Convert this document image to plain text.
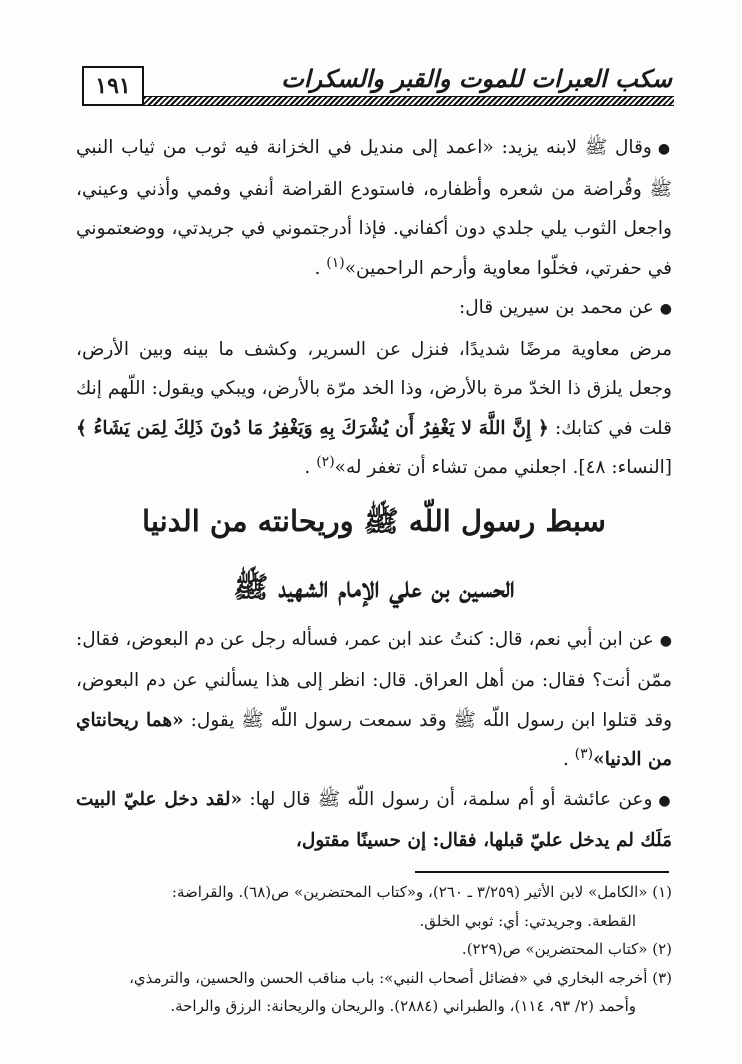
١٩١	سكب العبرات للموت والقبر والسكرات

●وقال ﷺ لابنه يزيد: «اعمد إلى منديل في الخزانة فيه ثوب من ثياب النبي ﷺ وقُراضة من شعره وأظفاره، فاستودع القراضة أنفي وفمي وأذني وعيني، واجعل الثوب يلي جلدي دون أكفاني. فإذا أدرجتموني في جريدتي، ووضعتموني في حفرتي، فخلّوا معاوية وأرحم الراحمين»$^{(١)}$ .

●عن محمد بن سيرين قال:

مرض معاوية مرضًا شديدًا، فنزل عن السرير، وكشف ما بينه وبين الأرض، وجعل يلزق ذا الخدّ مرة بالأرض، وذا الخد مرّة بالأرض، ويبكي ويقول: اللّهم إنك قلت في كتابك: ﴿ إِنَّ اللَّهَ لا يَغْفِرُ أَن يُشْرَكَ بِهِ وَيَغْفِرُ مَا دُونَ ذَلِكَ لِمَن يَشَاءُ ﴾ [النساء: ٤٨]. اجعلني ممن تشاء أن تغفر له»$^{(٢)}$ .

سبط رسول اللّه ﷺ وريحانته من الدنيا

الحسين بن علي الإمام الشهيد ﷺ

●عن ابن أبي نعم، قال: كنتُ عند ابن عمر، فسأله رجل عن دم البعوض، فقال: ممّن أنت؟ فقال: من أهل العراق. قال: انظر إلى هذا يسألني عن دم البعوض، وقد قتلوا ابن رسول اللّه ﷺ وقد سمعت رسول اللّه ﷺ يقول: «هما ريحانتاي من الدنيا»$^{(٣)}$ .

●وعن عائشة أو أم سلمة، أن رسول اللّه ﷺ قال لها: «لقد دخل عليّ البيت مَلَك لم يدخل عليّ قبلها، فقال: إن حسينًا مقتول،

(١) «الكامل» لابن الأثير (٣/٢٥٩ ـ ٢٦٠)، و«كتاب المحتضرين» ص(٦٨). والقراضة:

القطعة. وجريدتي: أي: ثوبي الخلق.

(٢) «كتاب المحتضرين» ص(٢٢٩).

(٣) أخرجه البخاري في «فضائل أصحاب النبي»: باب مناقب الحسن والحسين، والترمذي،

وأحمد (٢/ ٩٣، ١١٤)، والطبراني (٢٨٨٤). والريحان والريحانة: الرزق والراحة.
